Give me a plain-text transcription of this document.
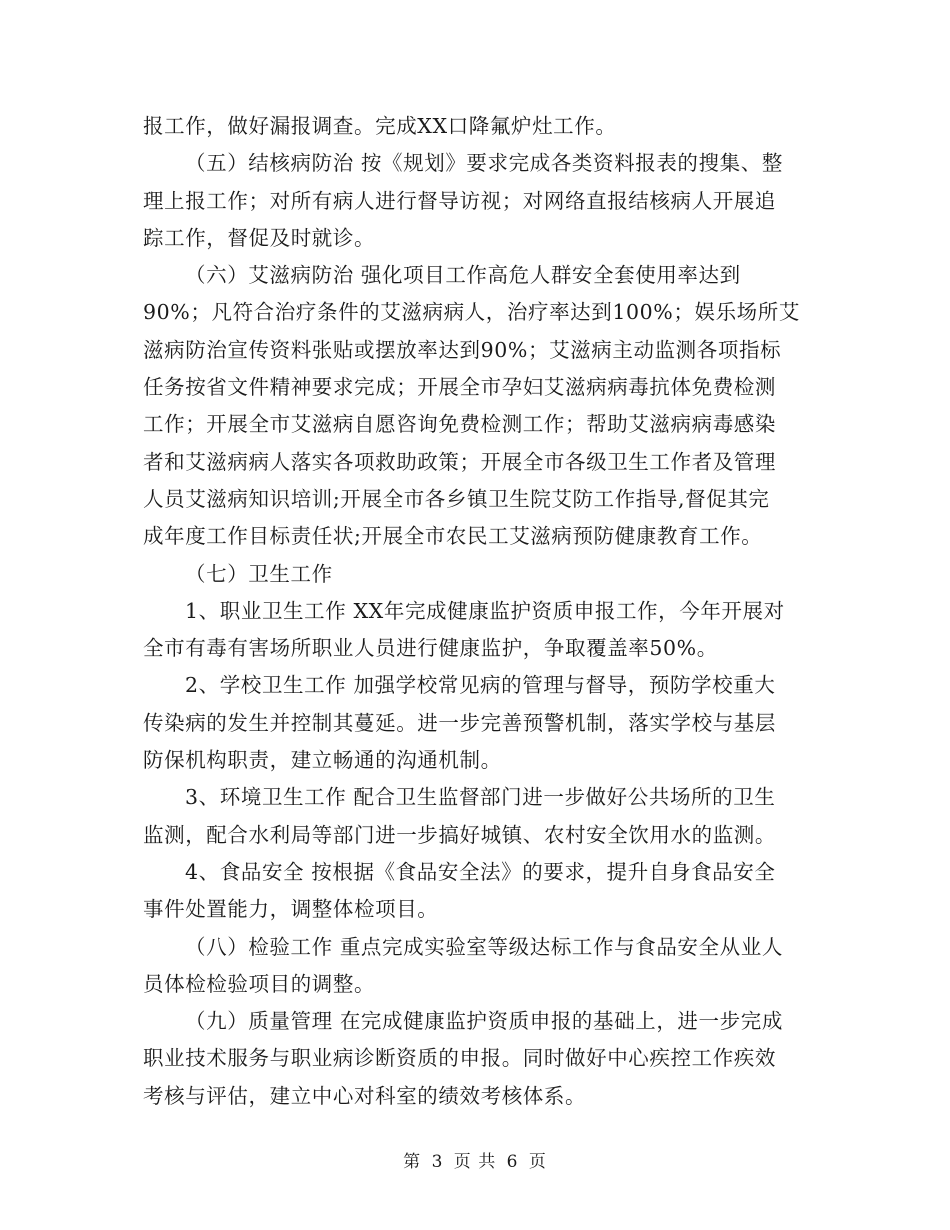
报工作，做好漏报调查。完成XX口降氟炉灶工作。
（五）结核病防治 按《规划》要求完成各类资料报表的搜集、整
理上报工作；对所有病人进行督导访视；对网络直报结核病人开展追
踪工作，督促及时就诊。
（六）艾滋病防治 强化项目工作高危人群安全套使用率达到
90%；凡符合治疗条件的艾滋病病人，治疗率达到100%；娱乐场所艾
滋病防治宣传资料张贴或摆放率达到90%；艾滋病主动监测各项指标
任务按省文件精神要求完成；开展全市孕妇艾滋病病毒抗体免费检测
工作；开展全市艾滋病自愿咨询免费检测工作；帮助艾滋病病毒感染
者和艾滋病病人落实各项救助政策；开展全市各级卫生工作者及管理
人员艾滋病知识培训;开展全市各乡镇卫生院艾防工作指导,督促其完
成年度工作目标责任状;开展全市农民工艾滋病预防健康教育工作。
（七）卫生工作
1、职业卫生工作 XX年完成健康监护资质申报工作，今年开展对
全市有毒有害场所职业人员进行健康监护，争取覆盖率50%。
2、学校卫生工作 加强学校常见病的管理与督导，预防学校重大
传染病的发生并控制其蔓延。进一步完善预警机制，落实学校与基层
防保机构职责，建立畅通的沟通机制。
3、环境卫生工作 配合卫生监督部门进一步做好公共场所的卫生
监测，配合水利局等部门进一步搞好城镇、农村安全饮用水的监测。
4、食品安全 按根据《食品安全法》的要求，提升自身食品安全
事件处置能力，调整体检项目。
（八）检验工作 重点完成实验室等级达标工作与食品安全从业人
员体检检验项目的调整。
（九）质量管理 在完成健康监护资质申报的基础上，进一步完成
职业技术服务与职业病诊断资质的申报。同时做好中心疾控工作疾效
考核与评估，建立中心对科室的绩效考核体系。
第 3 页 共 6 页
